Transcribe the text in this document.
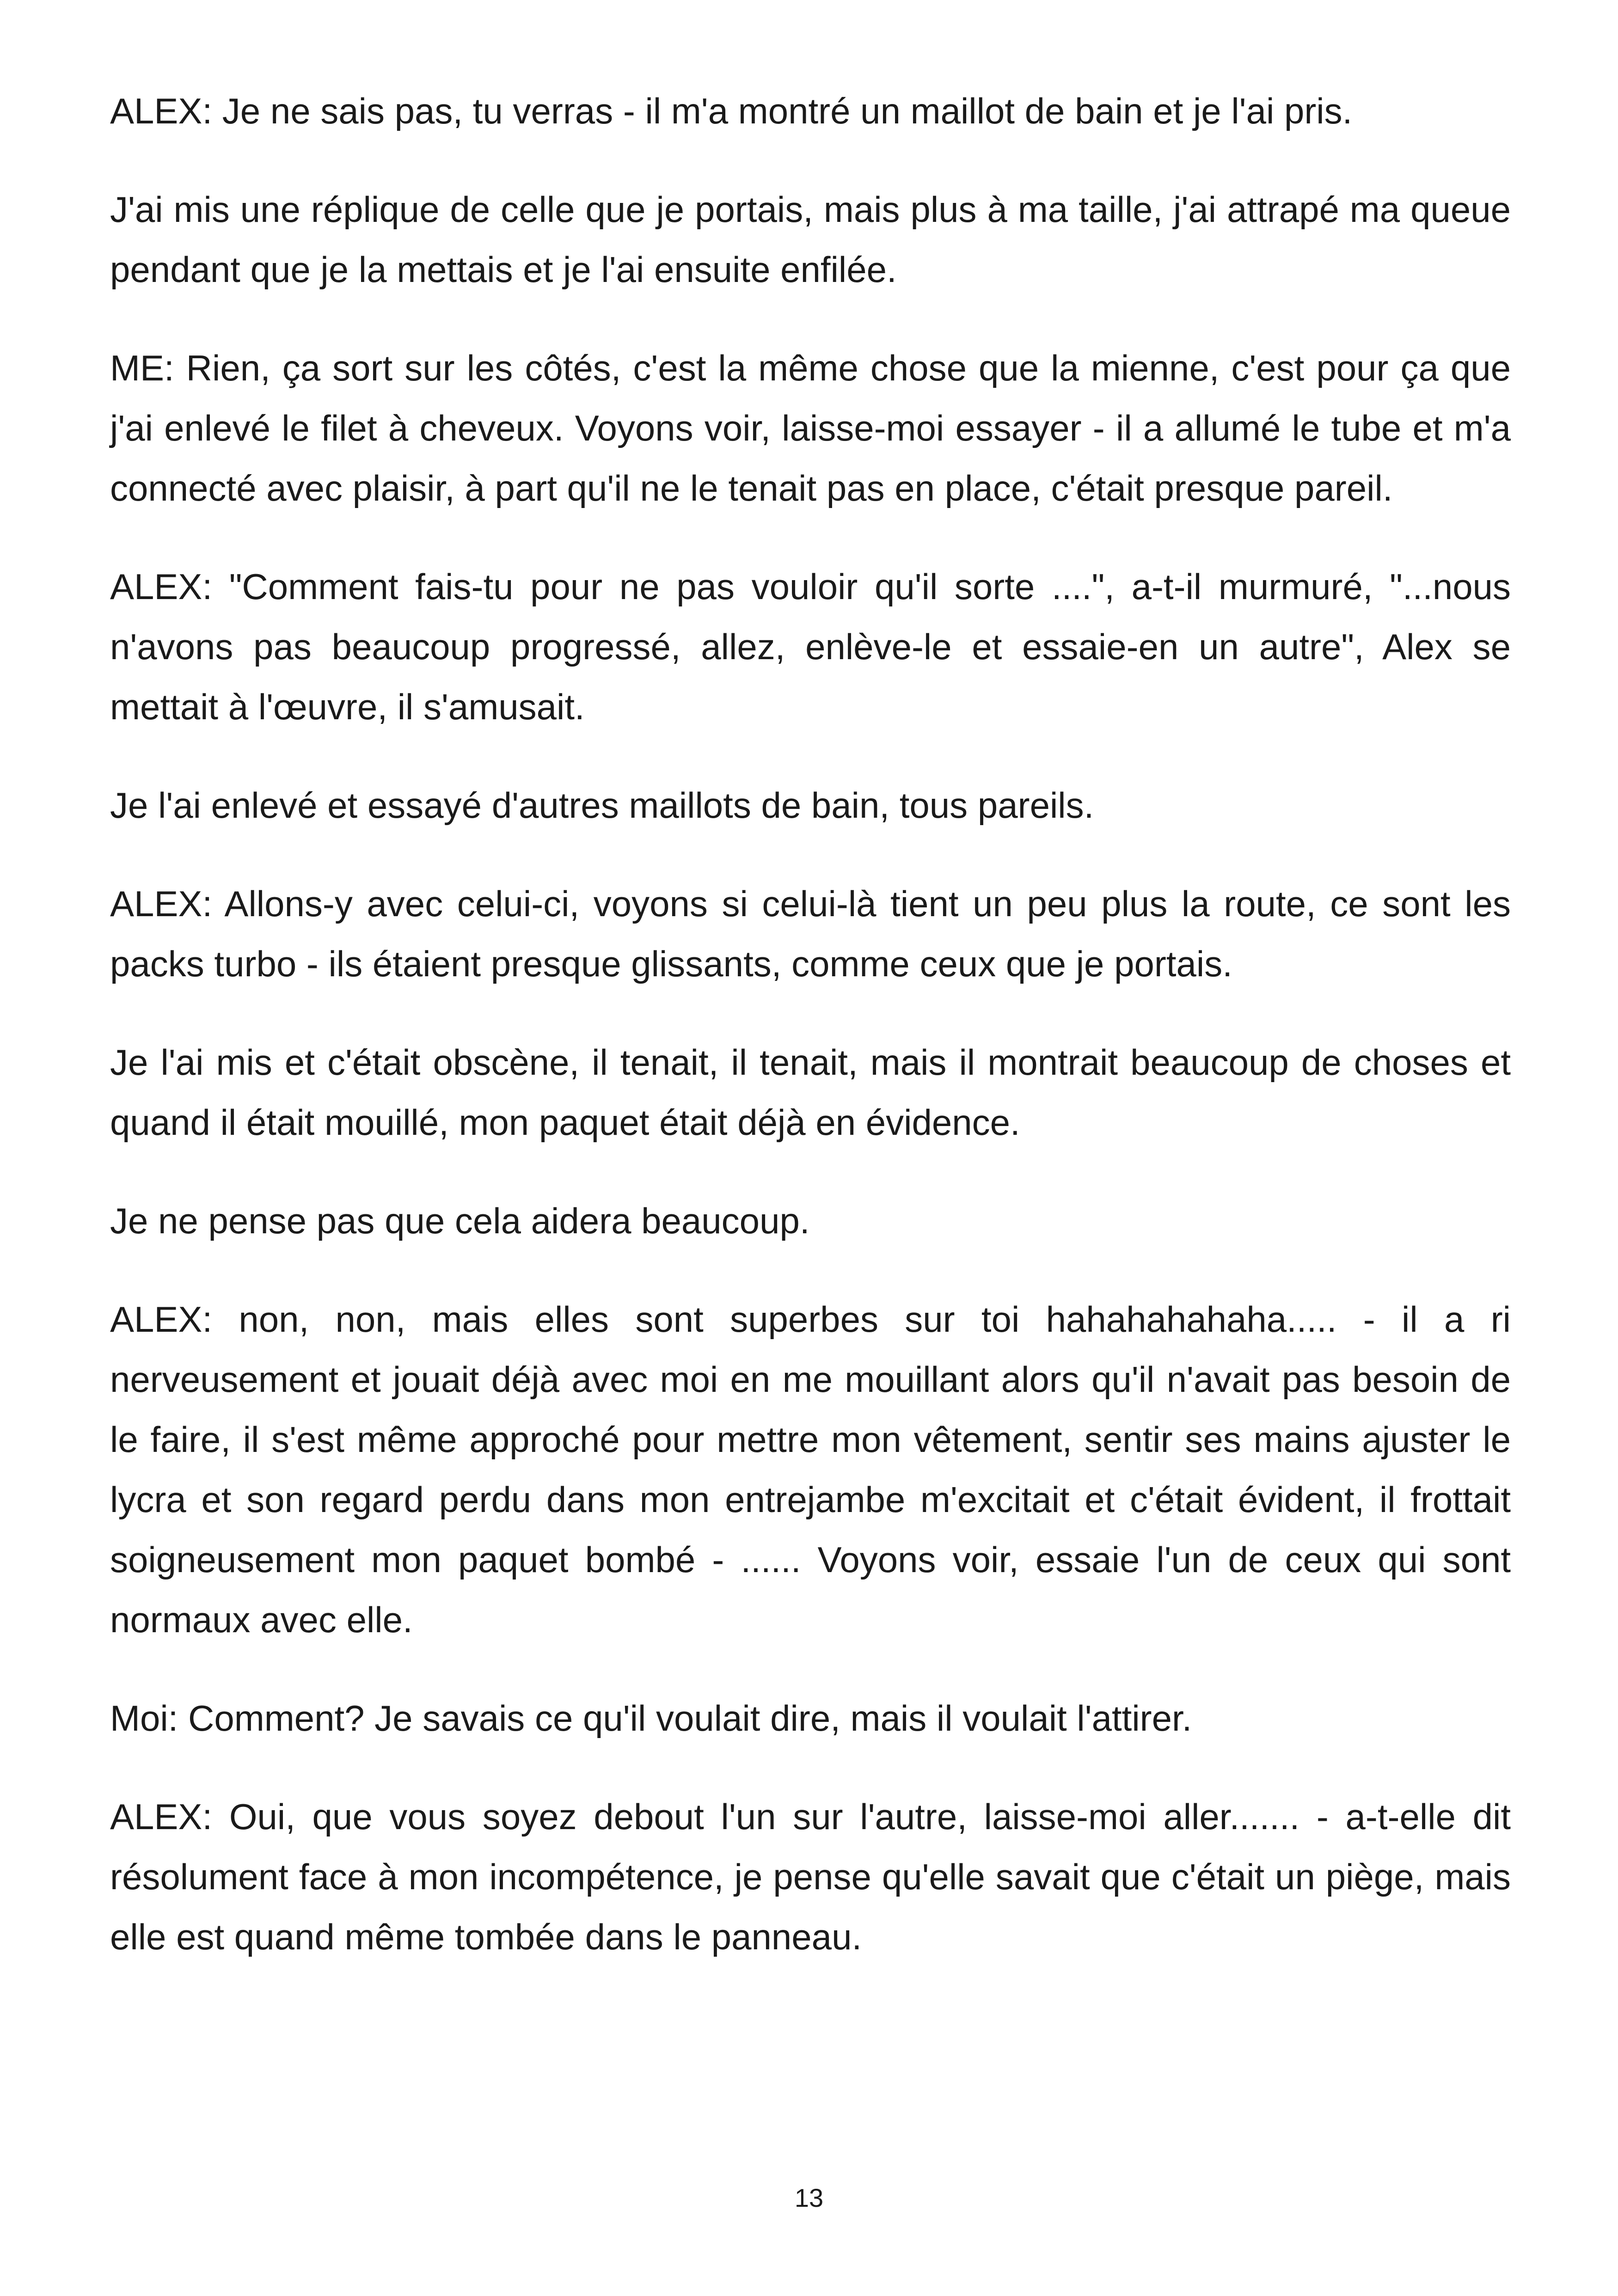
ALEX: Je ne sais pas, tu verras - il m'a montré un maillot de bain et je l'ai pris.

J'ai mis une réplique de celle que je portais, mais plus à ma taille, j'ai attrapé ma queue pendant que je la mettais et je l'ai ensuite enfilée.

ME: Rien, ça sort sur les côtés, c'est la même chose que la mienne, c'est pour ça que j'ai enlevé le filet à cheveux. Voyons voir, laisse-moi essayer - il a allumé le tube et m'a connecté avec plaisir, à part qu'il ne le tenait pas en place, c'était presque pareil.

ALEX: "Comment fais-tu pour ne pas vouloir qu'il sorte ....", a-t-il murmuré, "...nous n'avons pas beaucoup progressé, allez, enlève-le et essaie-en un autre", Alex se mettait à l'œuvre, il s'amusait.

Je l'ai enlevé et essayé d'autres maillots de bain, tous pareils.

ALEX: Allons-y avec celui-ci, voyons si celui-là tient un peu plus la route, ce sont les packs turbo - ils étaient presque glissants, comme ceux que je portais.

Je l'ai mis et c'était obscène, il tenait, il tenait, mais il montrait beaucoup de choses et quand il était mouillé, mon paquet était déjà en évidence.

Je ne pense pas que cela aidera beaucoup.

ALEX: non, non, mais elles sont superbes sur toi hahahahahaha..... - il a ri nerveusement et jouait déjà avec moi en me mouillant alors qu'il n'avait pas besoin de le faire, il s'est même approché pour mettre mon vêtement, sentir ses mains ajuster le lycra et son regard perdu dans mon entrejambe m'excitait et c'était évident, il frottait soigneusement mon paquet bombé - ...... Voyons voir, essaie l'un de ceux qui sont normaux avec elle.

Moi: Comment? Je savais ce qu'il voulait dire, mais il voulait l'attirer.

ALEX: Oui, que vous soyez debout l'un sur l'autre, laisse-moi aller....... - a-t-elle dit résolument face à mon incompétence, je pense qu'elle savait que c'était un piège, mais elle est quand même tombée dans le panneau.

13
